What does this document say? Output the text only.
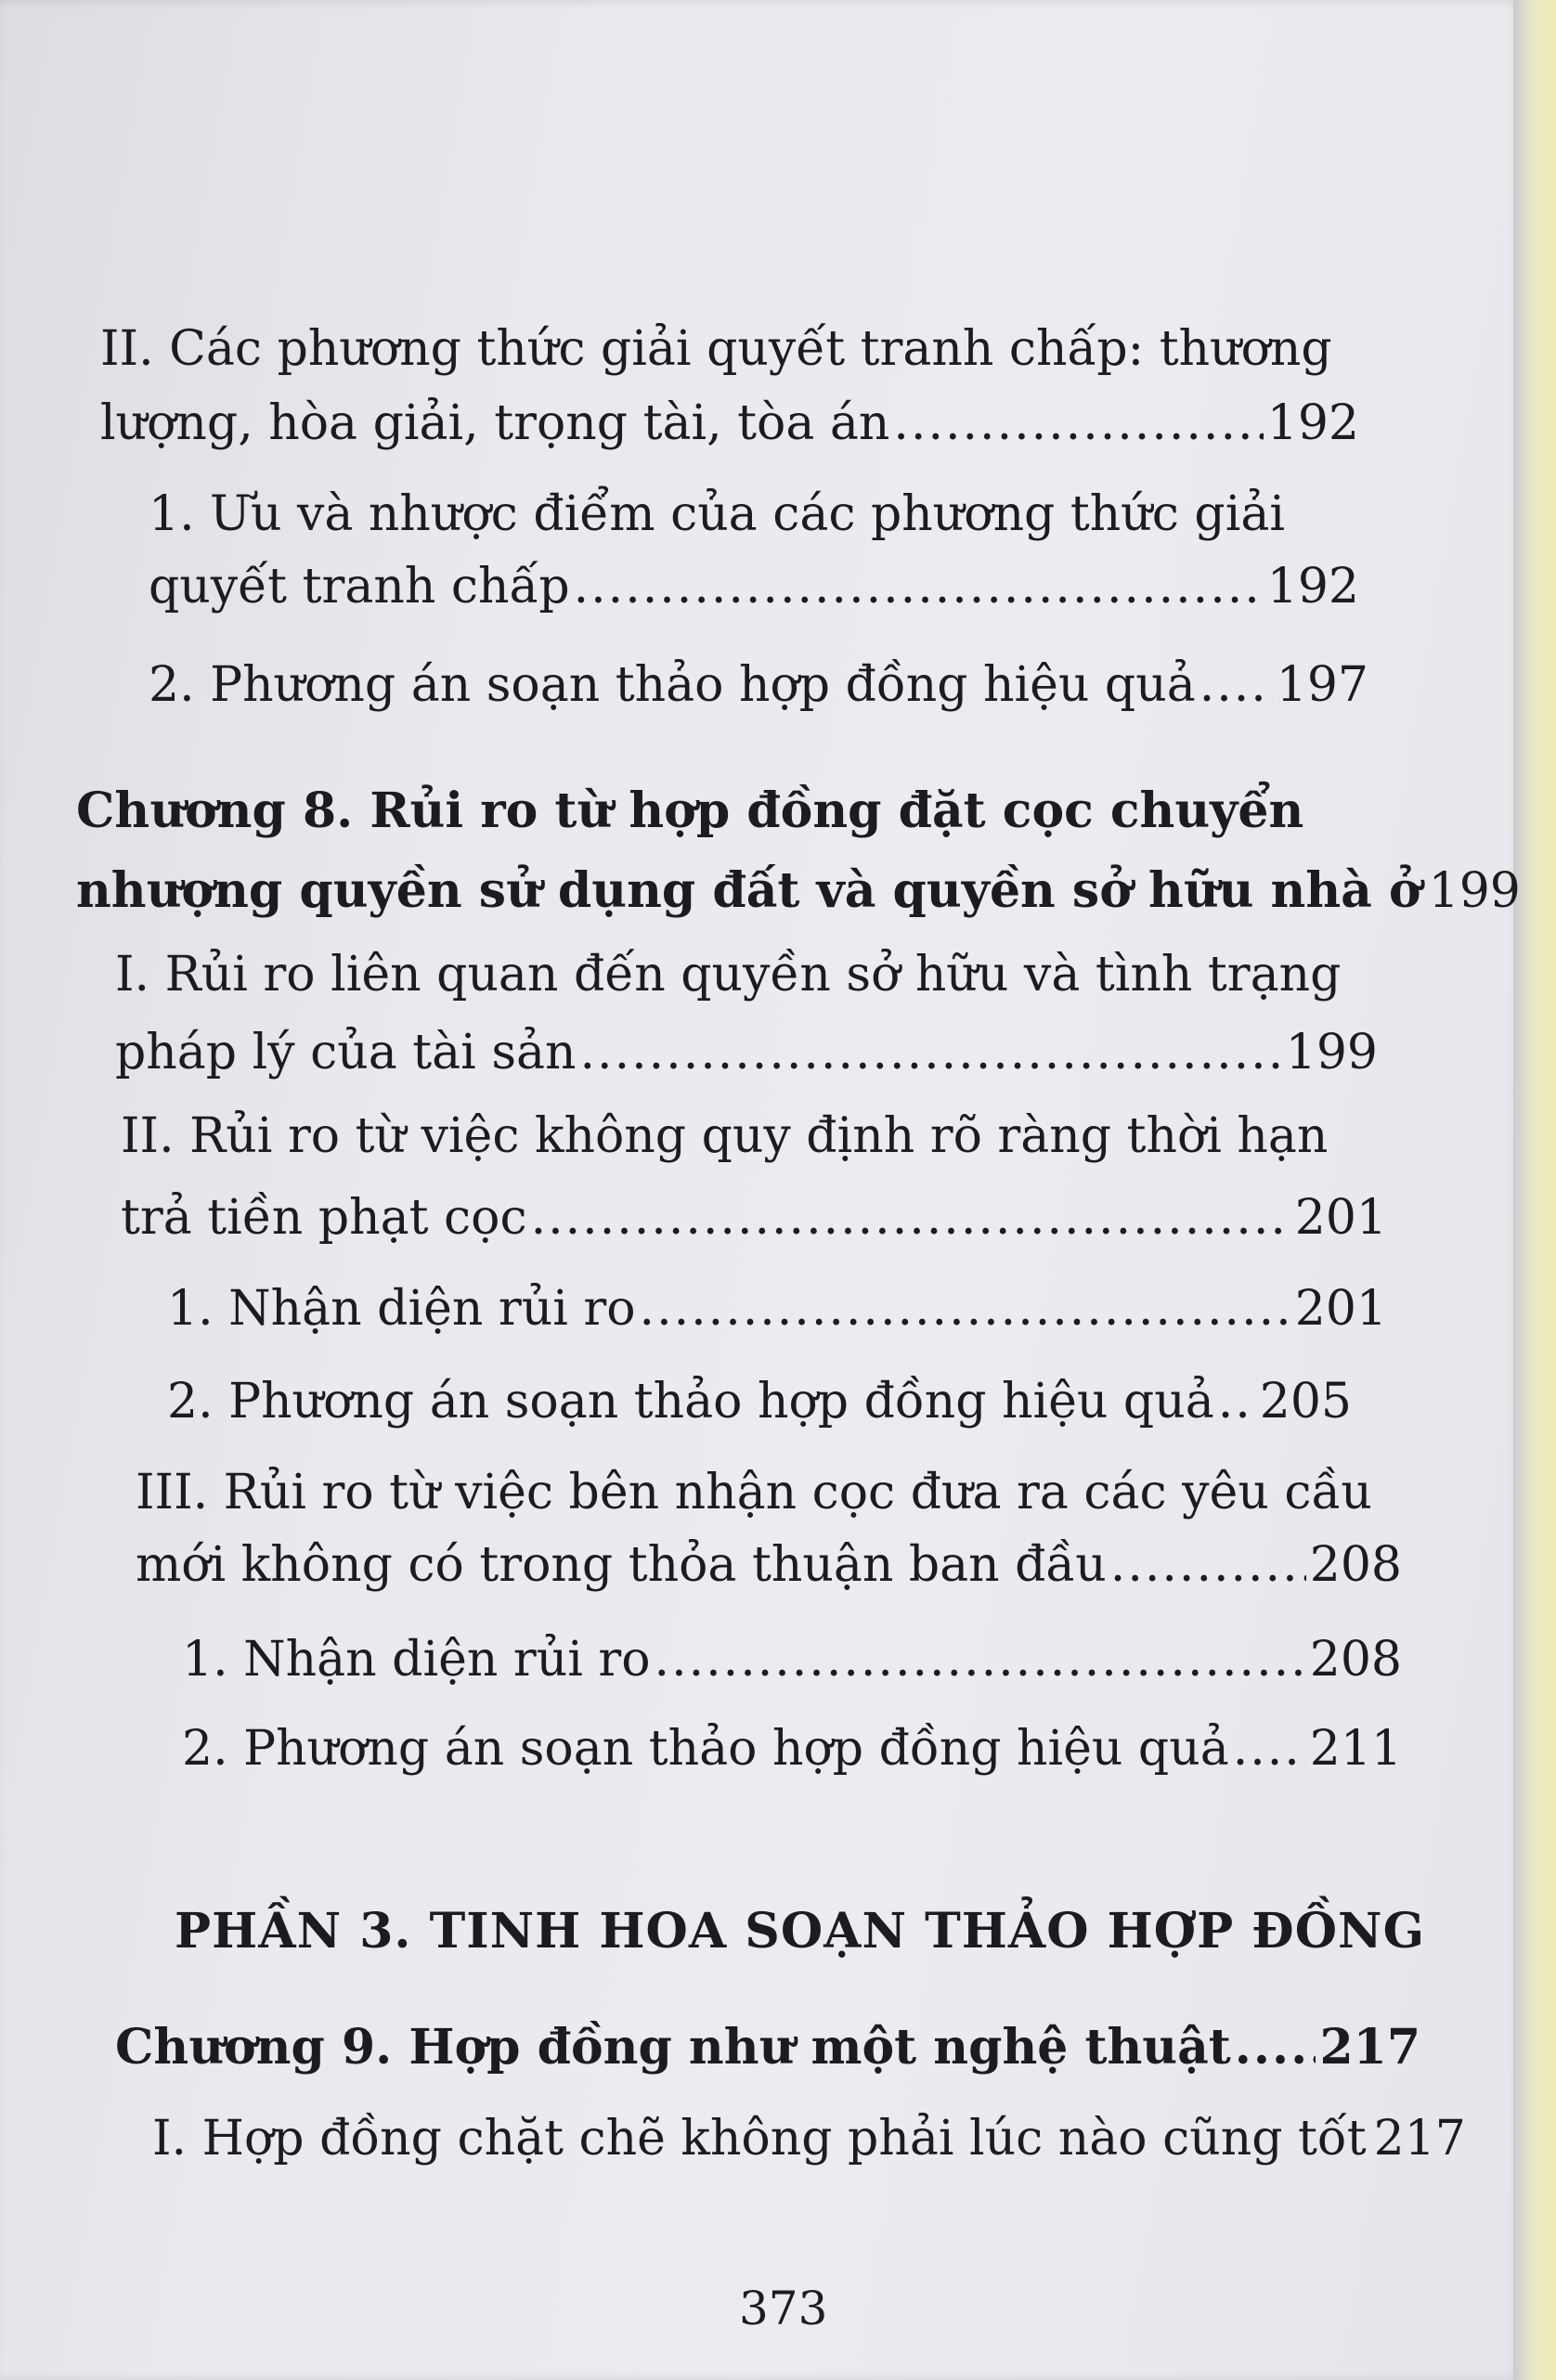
II. Các phương thức giải quyết tranh chấp: thương
lượng, hòa giải, trọng tài, tòa án .....	192
1. Ưu và nhược điểm của các phương thức giải
quyết tranh chấp .....	192
2. Phương án soạn thảo hợp đồng hiệu quả ..... 197
Chương 8. Rủi ro từ hợp đồng đặt cọc chuyển
nhượng quyền sử dụng đất và quyền sở hữu nhà ở 199
I. Rủi ro liên quan đến quyền sở hữu và tình trạng
pháp lý của tài sản .....	199
II. Rủi ro từ việc không quy định rõ ràng thời hạn
trả tiền phạt cọc .....	201
1. Nhận diện rủi ro .....	201
2. Phương án soạn thảo hợp đồng hiệu quả ..... 205
III. Rủi ro từ việc bên nhận cọc đưa ra các yêu cầu
mới không có trong thỏa thuận ban đầu .....	208
1. Nhận diện rủi ro .....	208
2. Phương án soạn thảo hợp đồng hiệu quả ..... 211
PHẦN 3. TINH HOA SOẠN THẢO HỢP ĐỒNG
Chương 9. Hợp đồng như một nghệ thuật ..... 217
I. Hợp đồng chặt chẽ không phải lúc nào cũng tốt 217
373
